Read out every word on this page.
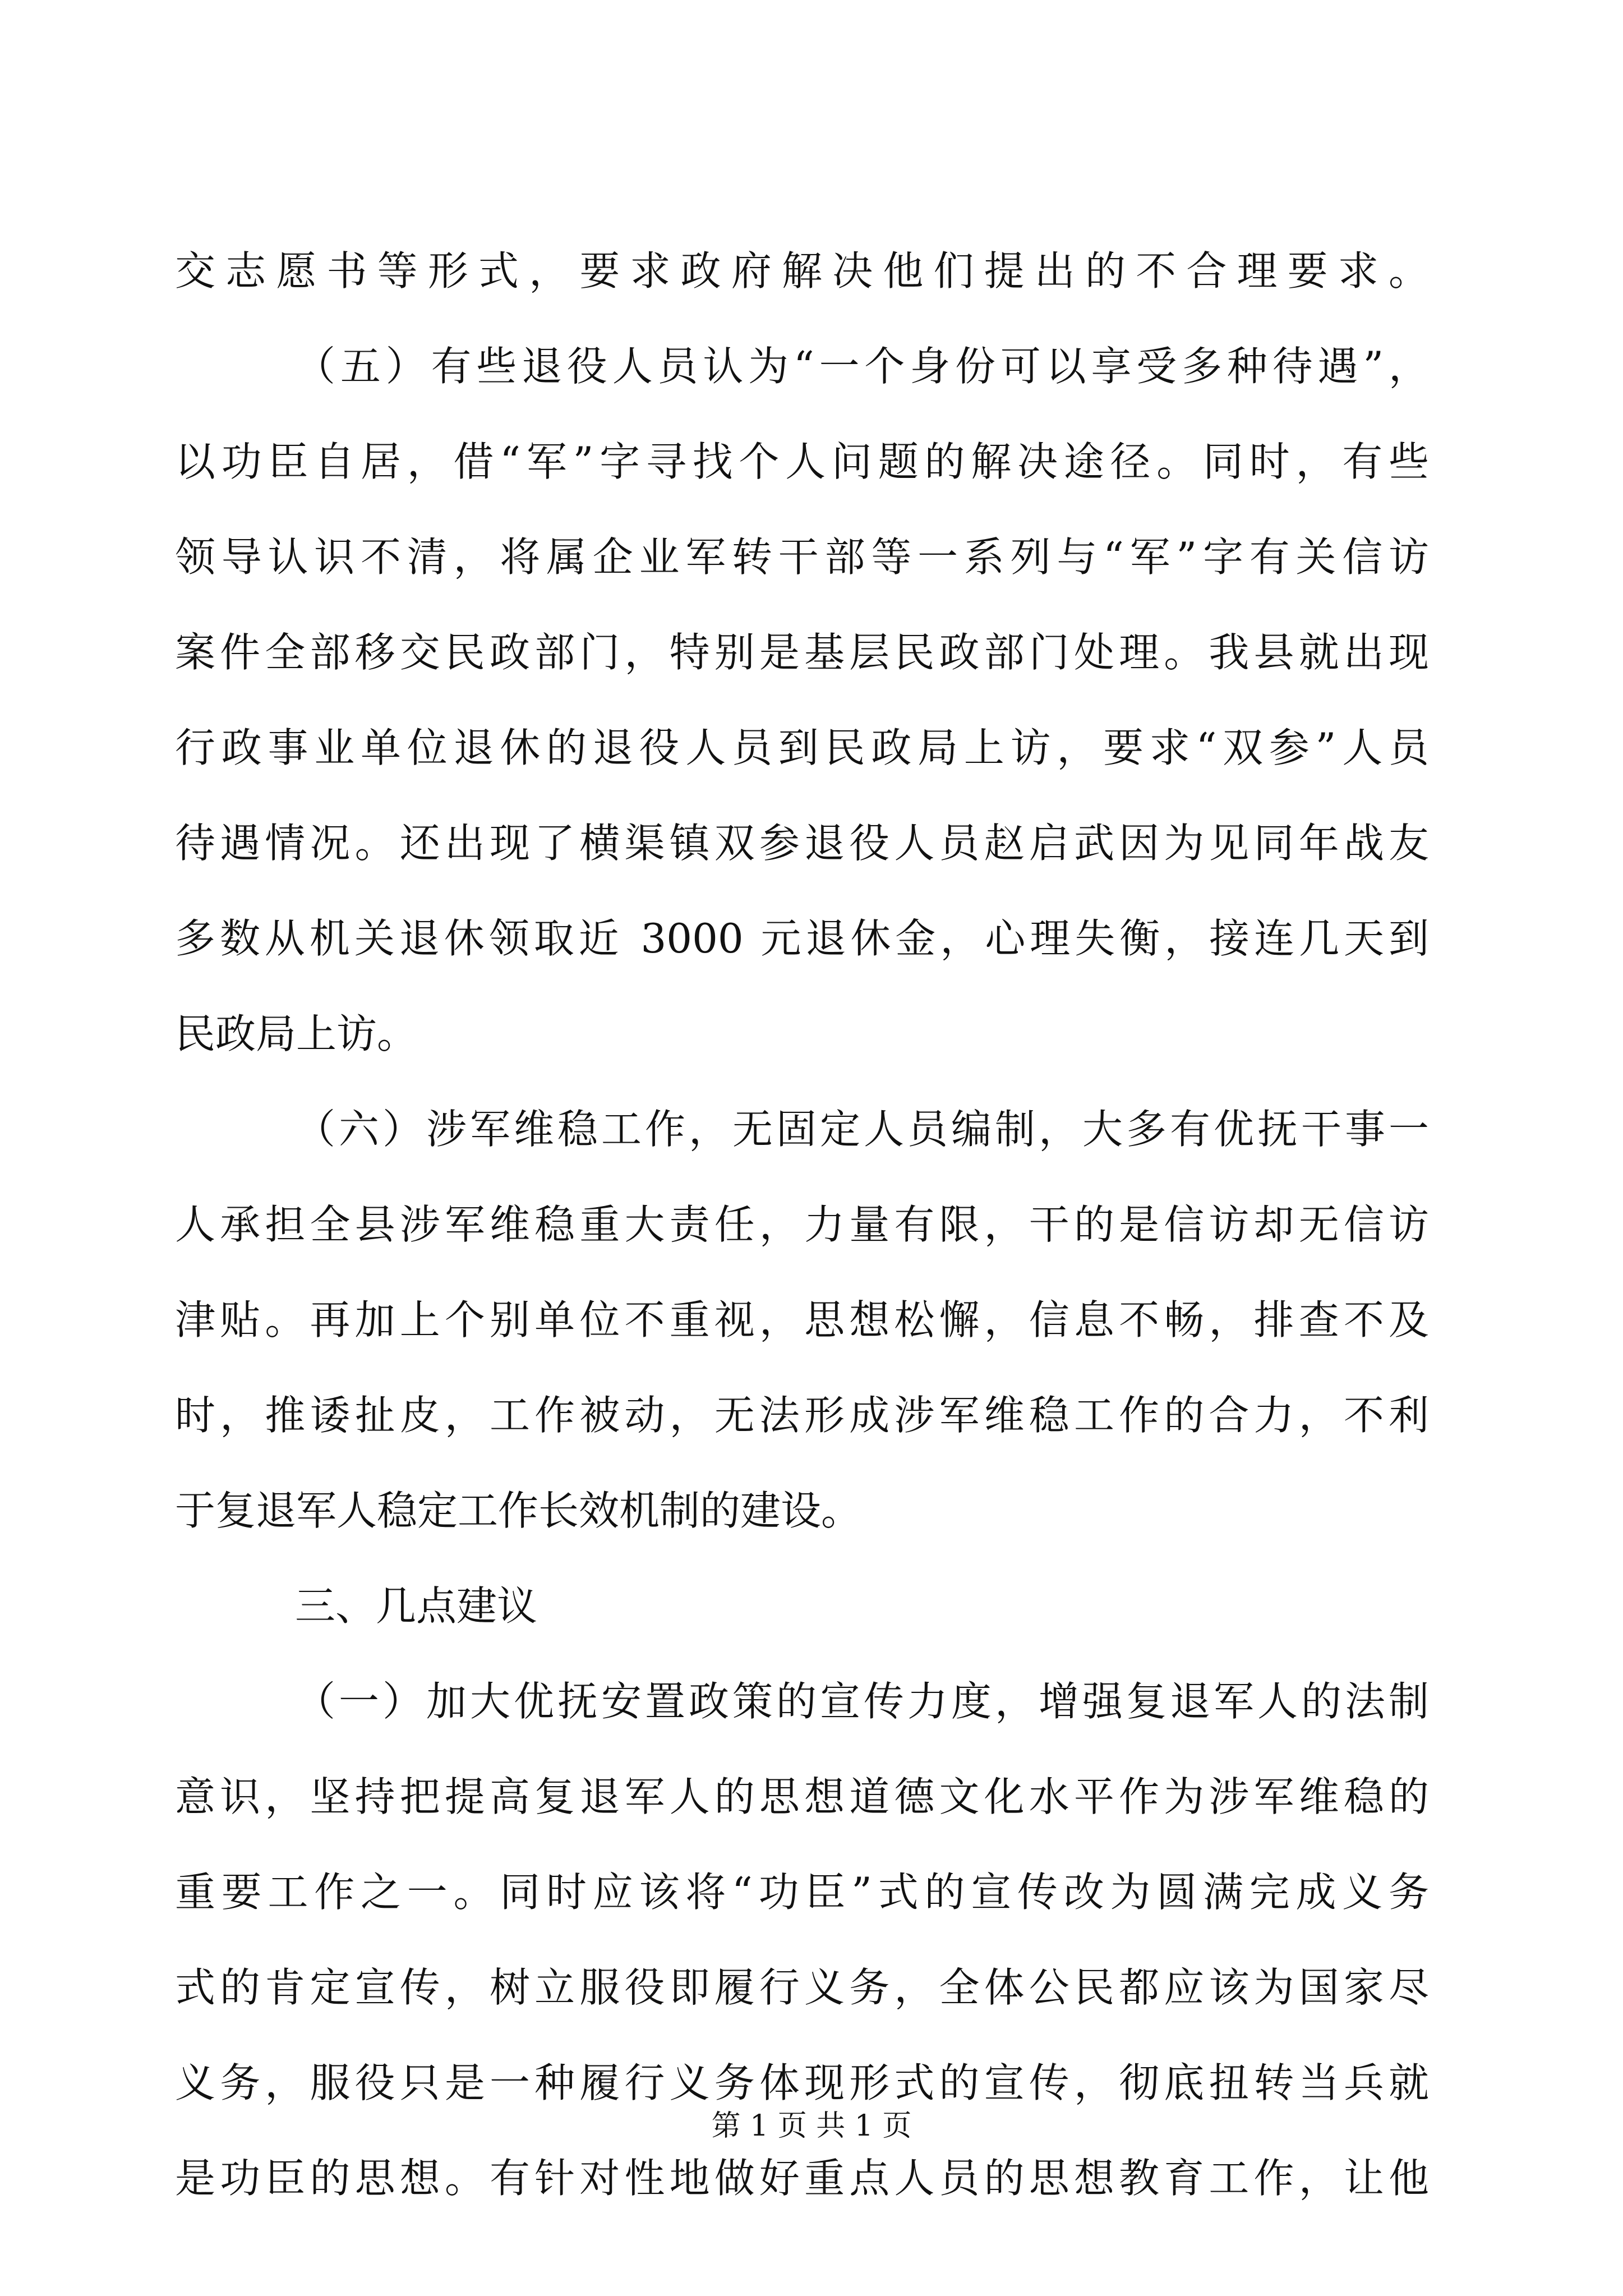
交志愿书等形式，要求政府解决他们提出的不合理要求。
（五）有些退役人员认为“一个身份可以享受多种待遇”，
以功臣自居，借“军”字寻找个人问题的解决途径。同时，有些
领导认识不清，将属企业军转干部等一系列与“军”字有关信访
案件全部移交民政部门，特别是基层民政部门处理。我县就出现
行政事业单位退休的退役人员到民政局上访，要求“双参”人员
待遇情况。还出现了横渠镇双参退役人员赵启武因为见同年战友
多数从机关退休领取近 3000 元退休金，心理失衡，接连几天到
民政局上访。
（六）涉军维稳工作，无固定人员编制，大多有优抚干事一
人承担全县涉军维稳重大责任，力量有限，干的是信访却无信访
津贴。再加上个别单位不重视，思想松懈，信息不畅，排查不及
时，推诿扯皮，工作被动，无法形成涉军维稳工作的合力，不利
于复退军人稳定工作长效机制的建设。
三、几点建议
（一）加大优抚安置政策的宣传力度，增强复退军人的法制
意识，坚持把提高复退军人的思想道德文化水平作为涉军维稳的
重要工作之一。同时应该将“功臣”式的宣传改为圆满完成义务
式的肯定宣传，树立服役即履行义务，全体公民都应该为国家尽
义务，服役只是一种履行义务体现形式的宣传，彻底扭转当兵就
是功臣的思想。有针对性地做好重点人员的思想教育工作，让他
第 1 页 共 1 页
